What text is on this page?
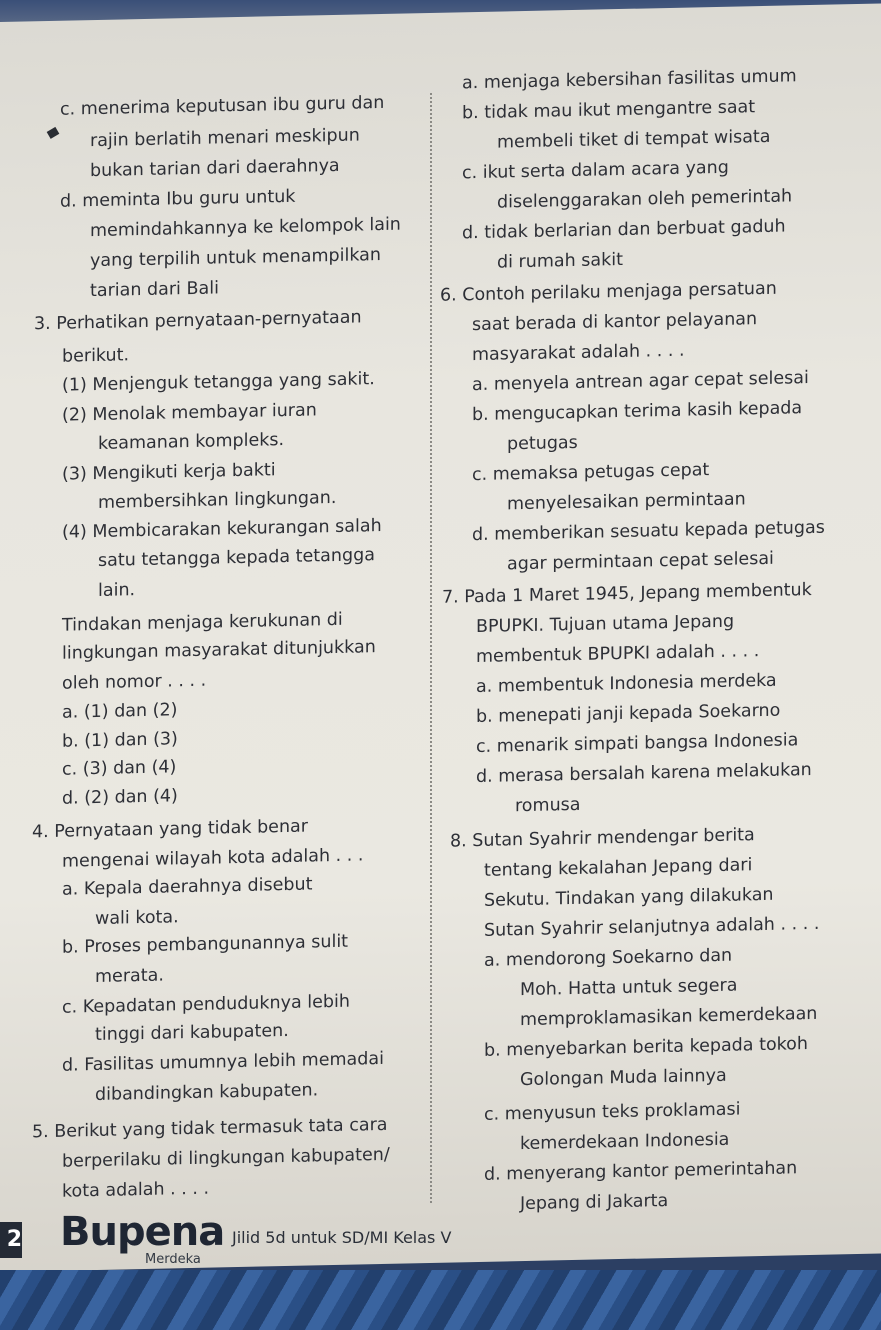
c. menerima keputusan ibu guru dan
rajin berlatih menari meskipun
bukan tarian dari daerahnya
d. meminta Ibu guru untuk
memindahkannya ke kelompok lain
yang terpilih untuk menampilkan
tarian dari Bali
3. Perhatikan pernyataan-pernyataan
berikut.
(1) Menjenguk tetangga yang sakit.
(2) Menolak membayar iuran
keamanan kompleks.
(3) Mengikuti kerja bakti
membersihkan lingkungan.
(4) Membicarakan kekurangan salah
satu tetangga kepada tetangga
lain.
Tindakan menjaga kerukunan di
lingkungan masyarakat ditunjukkan
oleh nomor . . . .
a. (1) dan (2)
b. (1) dan (3)
c. (3) dan (4)
d. (2) dan (4)
4. Pernyataan yang tidak benar
mengenai wilayah kota adalah . . .
a. Kepala daerahnya disebut
wali kota.
b. Proses pembangunannya sulit
merata.
c. Kepadatan penduduknya lebih
tinggi dari kabupaten.
d. Fasilitas umumnya lebih memadai
dibandingkan kabupaten.
5. Berikut yang tidak termasuk tata cara
berperilaku di lingkungan kabupaten/
kota adalah . . . .
a. menjaga kebersihan fasilitas umum
b. tidak mau ikut mengantre saat
membeli tiket di tempat wisata
c. ikut serta dalam acara yang
diselenggarakan oleh pemerintah
d. tidak berlarian dan berbuat gaduh
di rumah sakit
6. Contoh perilaku menjaga persatuan
saat berada di kantor pelayanan
masyarakat adalah . . . .
a. menyela antrean agar cepat selesai
b. mengucapkan terima kasih kepada
petugas
c. memaksa petugas cepat
menyelesaikan permintaan
d. memberikan sesuatu kepada petugas
agar permintaan cepat selesai
7. Pada 1 Maret 1945, Jepang membentuk
BPUPKI. Tujuan utama Jepang
membentuk BPUPKI adalah . . . .
a. membentuk Indonesia merdeka
b. menepati janji kepada Soekarno
c. menarik simpati bangsa Indonesia
d. merasa bersalah karena melakukan
romusa
8. Sutan Syahrir mendengar berita
tentang kekalahan Jepang dari
Sekutu. Tindakan yang dilakukan
Sutan Syahrir selanjutnya adalah . . . .
a. mendorong Soekarno dan
Moh. Hatta untuk segera
memproklamasikan kemerdekaan
b. menyebarkan berita kepada tokoh
Golongan Muda lainnya
c. menyusun teks proklamasi
kemerdekaan Indonesia
d. menyerang kantor pemerintahan
Jepang di Jakarta
2 Bupena
Merdeka
Jilid 5d untuk SD/MI Kelas V
